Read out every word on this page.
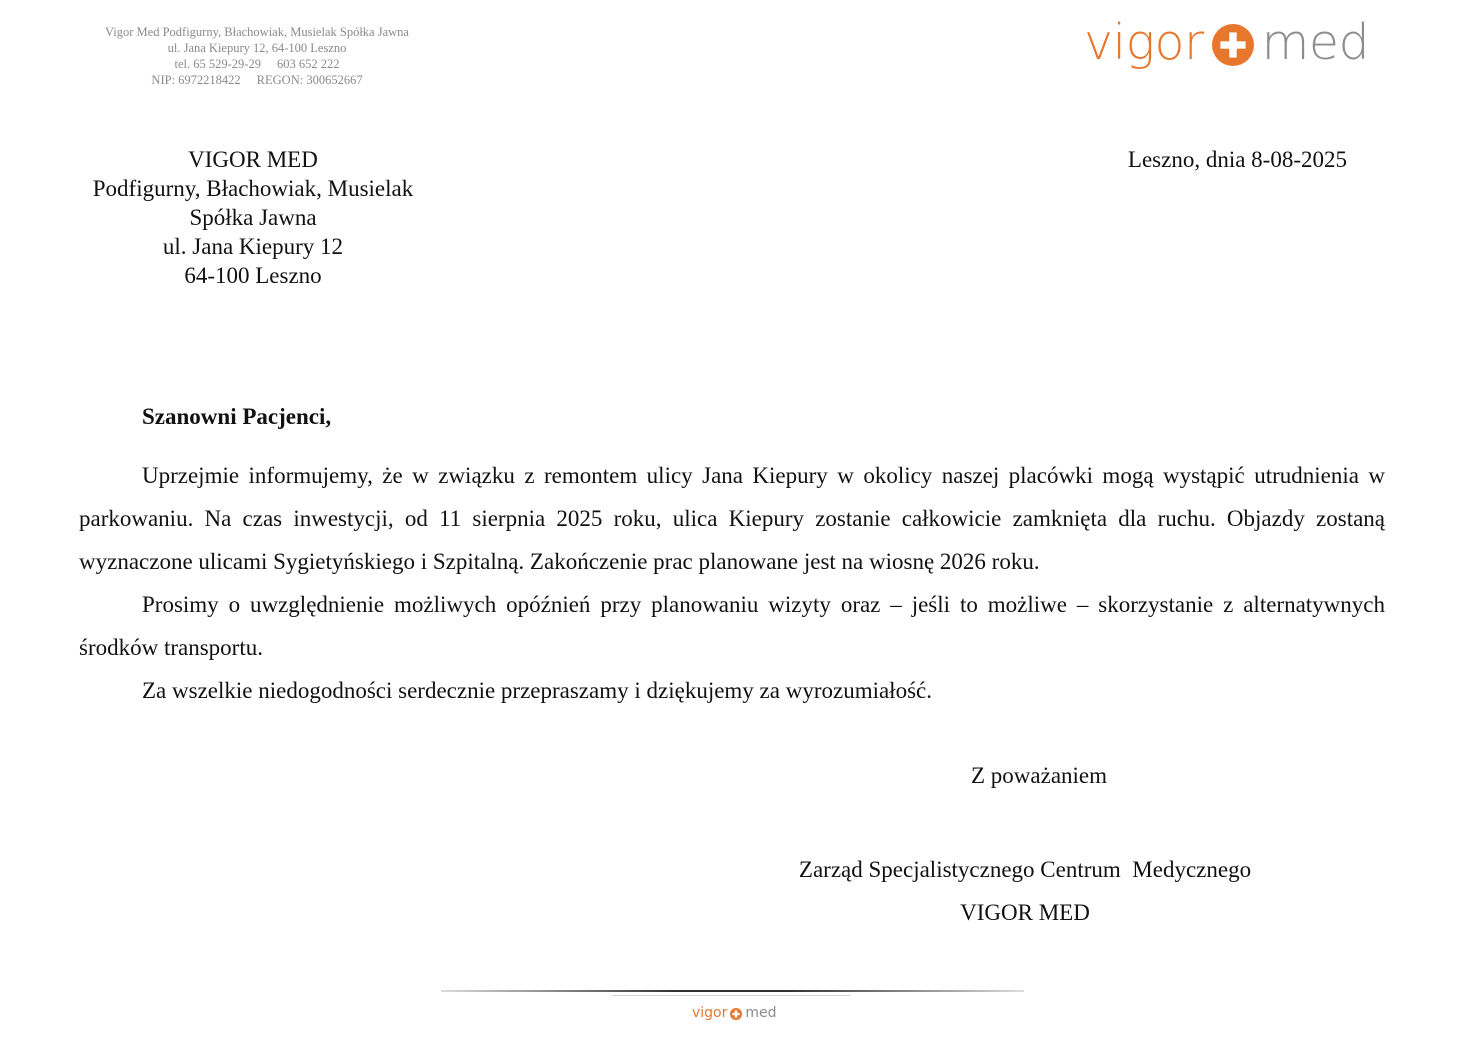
Vigor Med Podfigurny, Błachowiak, Musielak Spółka Jawna
ul. Jana Kiepury 12, 64-100 Leszno
tel. 65 529-29-29 603 652 222
NIP: 6972218422 REGON: 300652667
vigor med
VIGOR MED
Podfigurny, Błachowiak, Musielak
Spółka Jawna
ul. Jana Kiepury 12
64-100 Leszno
Leszno, dnia 8-08-2025
Szanowni Pacjenci,

Uprzejmie informujemy, że w związku z remontem ulicy Jana Kiepury w okolicy naszej placówki mogą wystąpić utrudnienia w parkowaniu. Na czas inwestycji, od 11 sierpnia 2025 roku, ulica Kiepury zostanie całkowicie zamknięta dla ruchu. Objazdy zostaną wyznaczone ulicami Sygietyńskiego i Szpitalną. Zakończenie prac planowane jest na wiosnę 2026 roku.

Prosimy o uwzględnienie możliwych opóźnień przy planowaniu wizyty oraz – jeśli to możliwe – skorzystanie z alternatywnych środków transportu.

Za wszelkie niedogodności serdecznie przepraszamy i dziękujemy za wyrozumiałość.

Z poważaniem
Zarząd Specjalistycznego Centrum  Medycznego
VIGOR MED
vigor med
